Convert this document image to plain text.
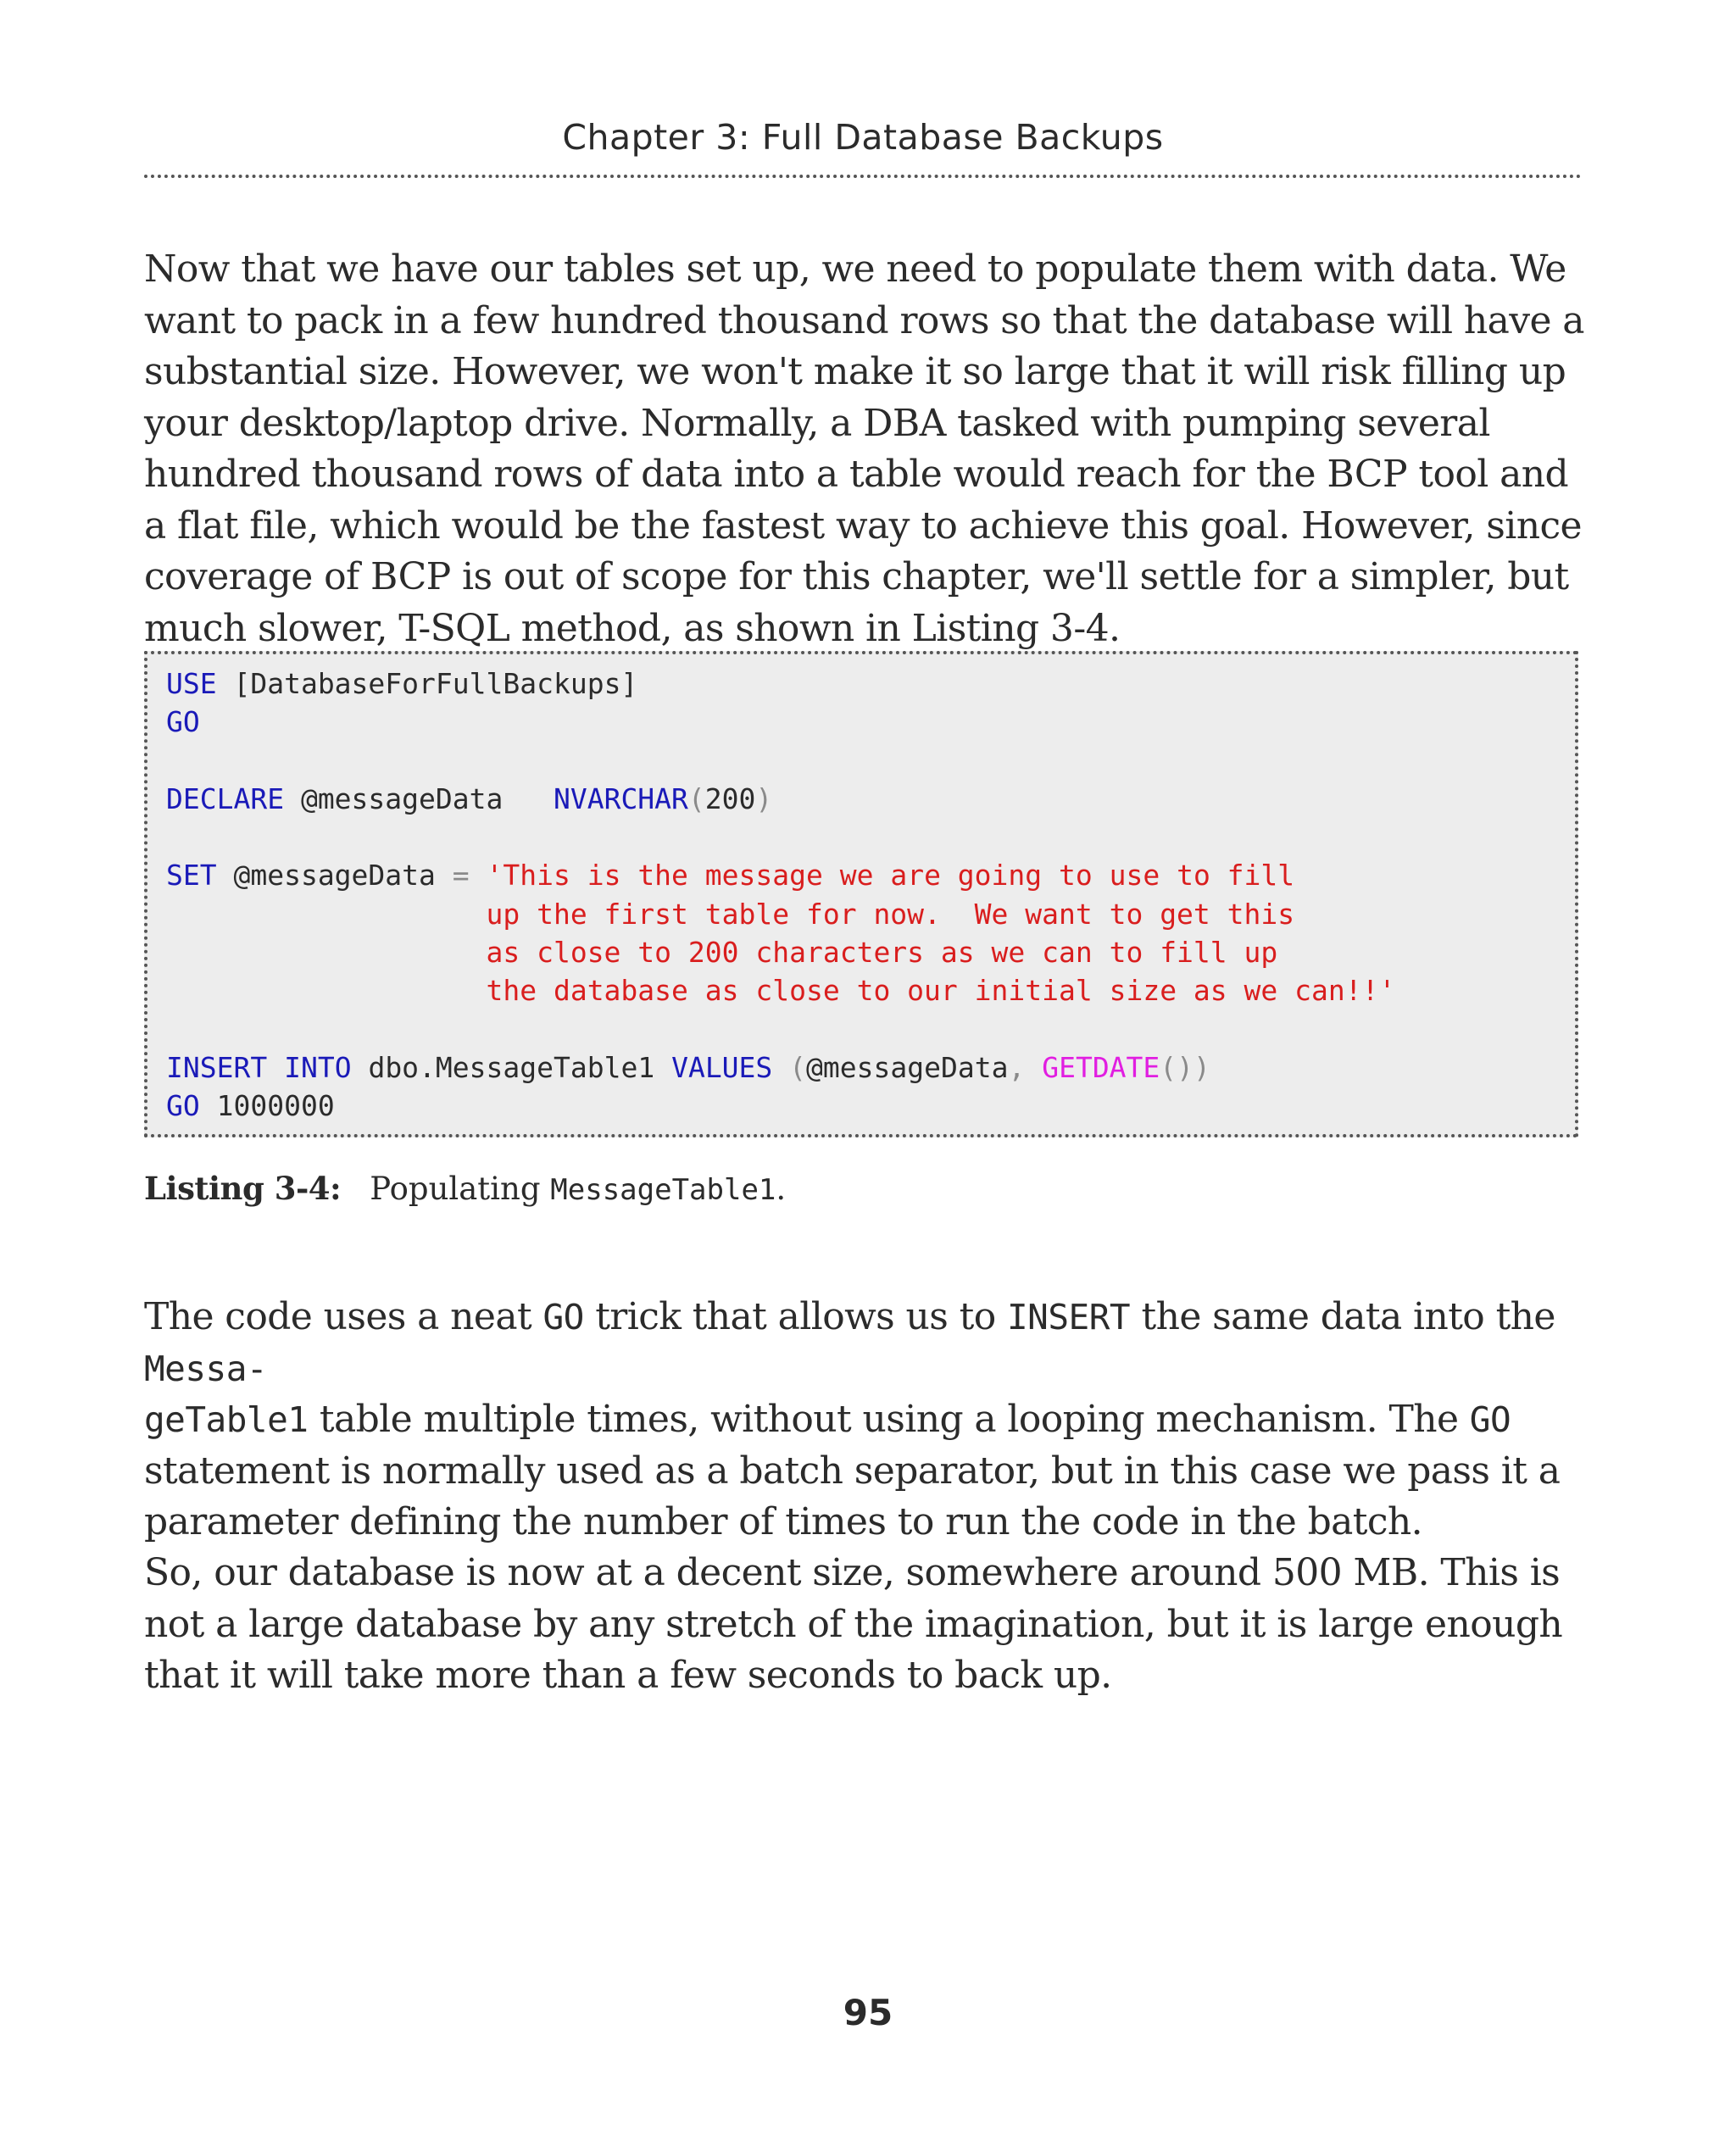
Chapter 3: Full Database Backups

Now that we have our tables set up, we need to populate them with data. We want to pack in a few hundred thousand rows so that the database will have a substantial size. However, we won't make it so large that it will risk filling up your desktop/laptop drive. Normally, a DBA tasked with pumping several hundred thousand rows of data into a table would reach for the BCP tool and a flat file, which would be the fastest way to achieve this goal. However, since coverage of BCP is out of scope for this chapter, we'll settle for a simpler, but much slower, T-SQL method, as shown in Listing 3-4.

USE [DatabaseForFullBackups]
GO
DECLARE @messageData   NVARCHAR(200)
SET @messageData = 'This is the message we are going to use to fill
up the first table for now.  We want to get this
as close to 200 characters as we can to fill up
the database as close to our initial size as we can!!'
INSERT INTO dbo.MessageTable1 VALUES (@messageData, GETDATE())
GO 1000000
Listing 3-4: Populating MessageTable1.

The code uses a neat GO trick that allows us to INSERT the same data into the Messa-
geTable1 table multiple times, without using a looping mechanism. The GO statement is normally used as a batch separator, but in this case we pass it a parameter defining the number of times to run the code in the batch.

So, our database is now at a decent size, somewhere around 500 MB. This is not a large database by any stretch of the imagination, but it is large enough that it will take more than a few seconds to back up.

95
